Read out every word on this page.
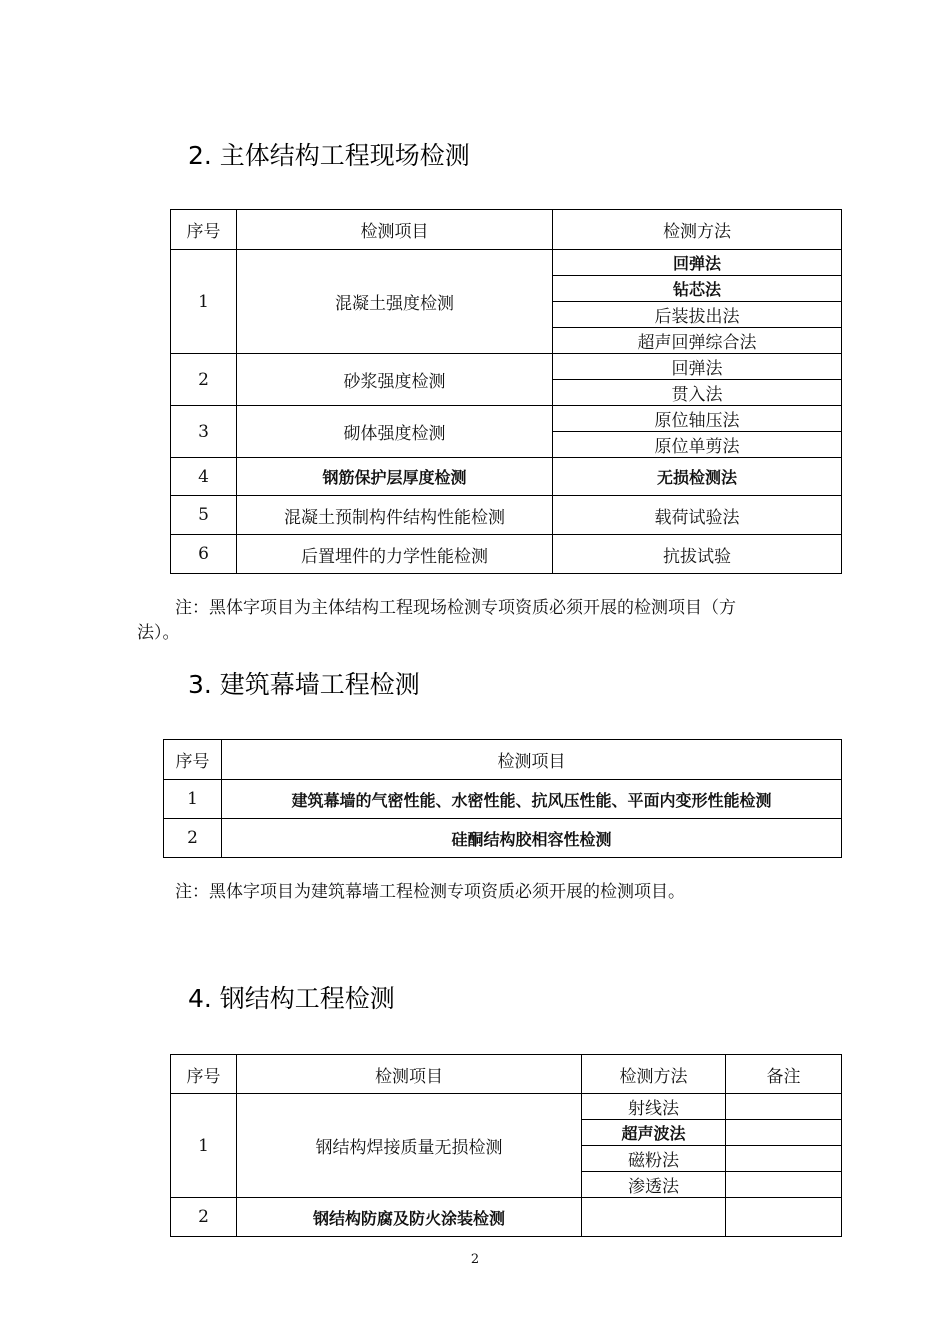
2. 主体结构工程现场检测
序号	检测项目	检测方法
1	混凝土强度检测	回弹法
		钻芯法
		后装拔出法
		超声回弹综合法
2	砂浆强度检测	回弹法
		贯入法
3	砌体强度检测	原位轴压法
		原位单剪法
4	钢筋保护层厚度检测	无损检测法
5	混凝土预制构件结构性能检测	载荷试验法
6	后置埋件的力学性能检测	抗拔试验
注：黑体字项目为主体结构工程现场检测专项资质必须开展的检测项目（方
法）。
3. 建筑幕墙工程检测
序号	检测项目
1	建筑幕墙的气密性能、水密性能、抗风压性能、平面内变形性能检测
2	硅酮结构胶相容性检测
注：黑体字项目为建筑幕墙工程检测专项资质必须开展的检测项目。
4. 钢结构工程检测
序号	检测项目	检测方法	备注
1	钢结构焊接质量无损检测	射线法	
		超声波法	
		磁粉法	
		渗透法	
2	钢结构防腐及防火涂装检测		
2
